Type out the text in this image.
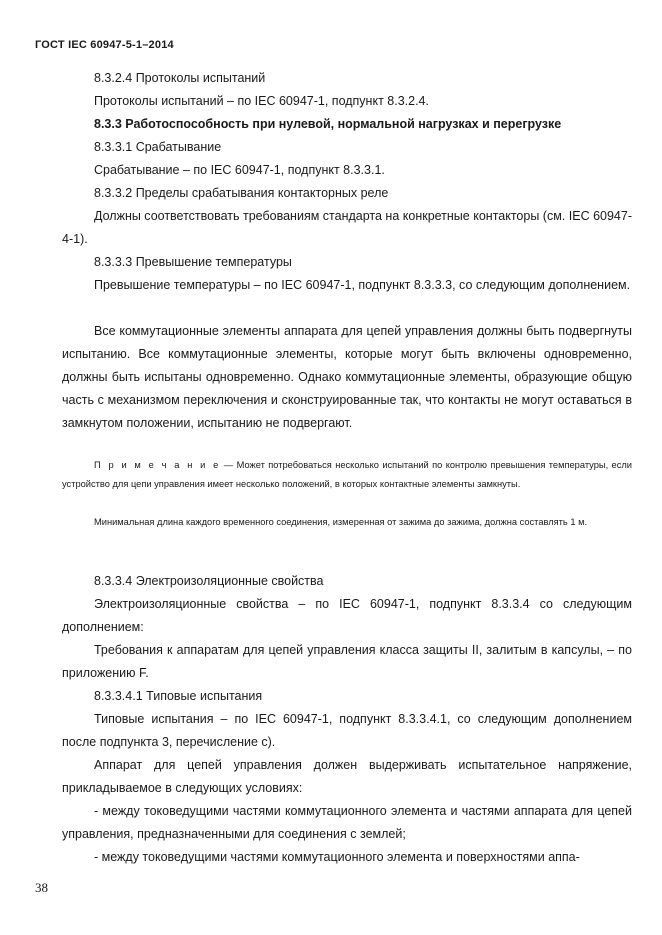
ГОСТ IEC 60947-5-1–2014
8.3.2.4 Протоколы испытаний
Протоколы испытаний – по IEC 60947-1, подпункт 8.3.2.4.
8.3.3 Работоспособность при нулевой, нормальной нагрузках и перегрузке
8.3.3.1 Срабатывание
Срабатывание – по IEC 60947-1, подпункт 8.3.3.1.
8.3.3.2 Пределы срабатывания контакторных реле
Должны соответствовать требованиям стандарта на конкретные контакторы (см. IEC 60947-4-1).
8.3.3.3 Превышение температуры
Превышение температуры – по IEC 60947-1, подпункт 8.3.3.3, со следующим дополнением.
Все коммутационные элементы аппарата для цепей управления должны быть подвергнуты испытанию. Все коммутационные элементы, которые могут быть включены одновременно, должны быть испытаны одновременно. Однако коммутационные элементы, образующие общую часть с механизмом переключения и сконструированные так, что контакты не могут оставаться в замкнутом положении, испытанию не подвергают.
П р и м е ч а н и е — Может потребоваться несколько испытаний по контролю превышения температуры, если устройство для цепи управления имеет несколько положений, в которых контактные элементы замкнуты.
Минимальная длина каждого временного соединения, измеренная от зажима до зажима, должна составлять 1 м.
8.3.3.4 Электроизоляционные свойства
Электроизоляционные свойства – по IEC 60947-1, подпункт 8.3.3.4 со следующим дополнением:
Требования к аппаратам для цепей управления класса защиты II, залитым в капсулы, – по приложению F.
8.3.3.4.1 Типовые испытания
Типовые испытания – по IEC 60947-1, подпункт 8.3.3.4.1, со следующим дополнением после подпункта 3, перечисление с).
Аппарат для цепей управления должен выдерживать испытательное напряжение, прикладываемое в следующих условиях:
- между токоведущими частями коммутационного элемента и частями аппарата для цепей управления, предназначенными для соединения с землей;
- между токоведущими частями коммутационного элемента и поверхностями аппа-
38
